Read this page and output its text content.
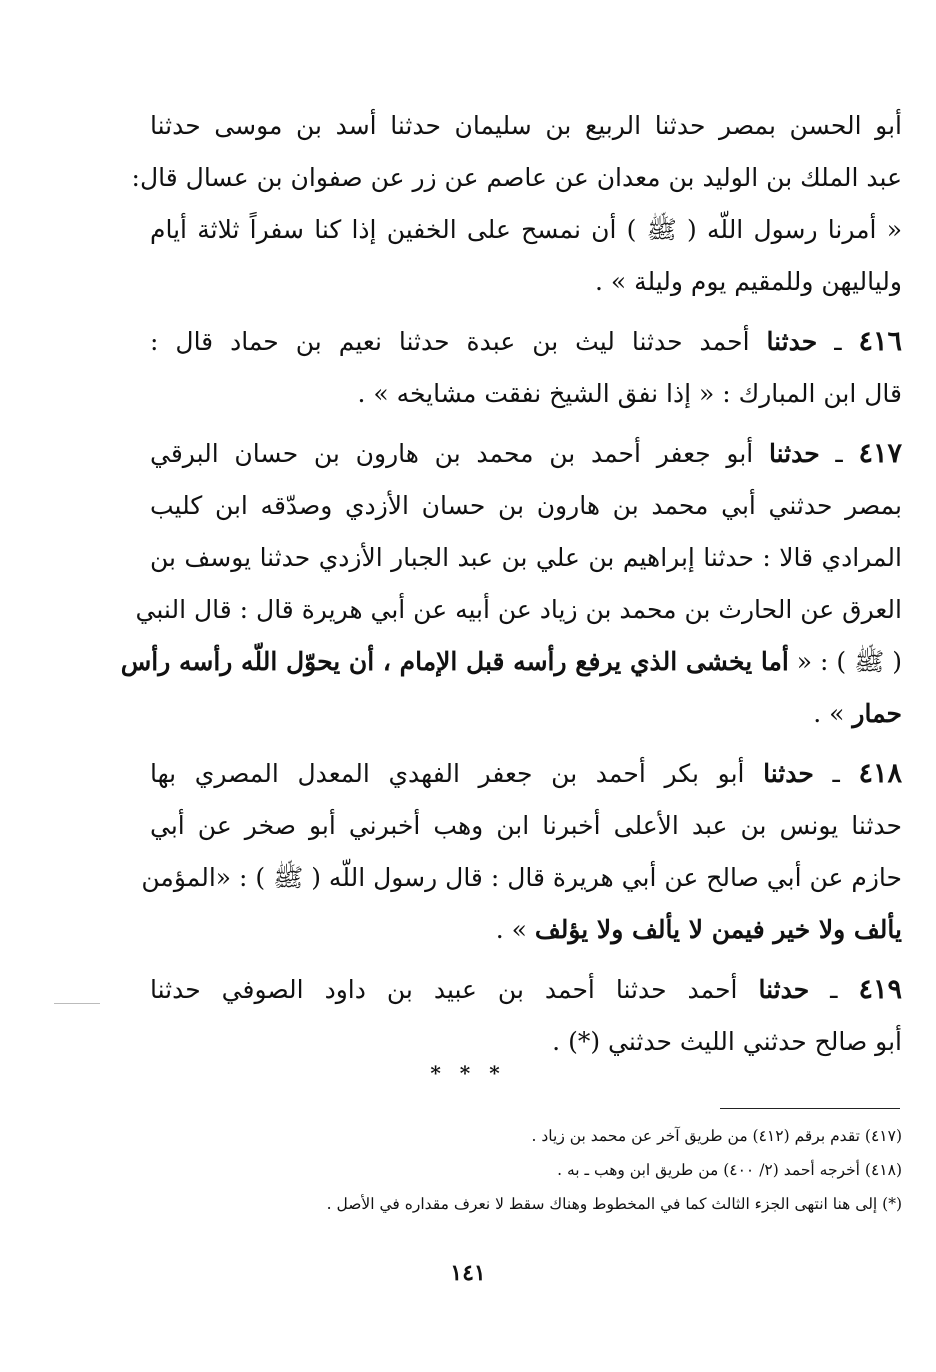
أبو الحسن بمصر حدثنا الربيع بن سليمان حدثنا أسد بن موسى حدثنا
عبد الملك بن الوليد بن معدان عن عاصم عن زر عن صفوان بن عسال قال:
« أمرنا رسول اللّه ( ﷺ ) أن نمسح على الخفين إذا كنا سفراً ثلاثة أيام
ولياليهن وللمقيم يوم وليلة » .
٤١٦ ـ حدثنا أحمد حدثنا ليث بن عبدة حدثنا نعيم بن حماد قال :
قال ابن المبارك : « إذا نفق الشيخ نفقت مشايخه » .
٤١٧ ـ حدثنا أبو جعفر أحمد بن محمد بن هارون بن حسان البرقي
بمصر حدثني أبي محمد بن هارون بن حسان الأزدي وصدّقه ابن كليب
المرادي قالا : حدثنا إبراهيم بن علي بن عبد الجبار الأزدي حدثنا يوسف بن
العرق عن الحارث بن محمد بن زياد عن أبيه عن أبي هريرة قال : قال النبي
( ﷺ ) : « أما يخشى الذي يرفع رأسه قبل الإمام ، أن يحوّل اللّه رأسه رأس
حمار » .
٤١٨ ـ حدثنا أبو بكر أحمد بن جعفر الفهدي المعدل المصري بها
حدثنا يونس بن عبد الأعلى أخبرنا ابن وهب أخبرني أبو صخر عن أبي
حازم عن أبي صالح عن أبي هريرة قال : قال رسول اللّه ( ﷺ ) : «المؤمن
يألف ولا خير فيمن لا يألف ولا يؤلف » .
٤١٩ ـ حدثنا أحمد حدثنا أحمد بن عبيد بن داود الصوفي حدثنا
أبو صالح حدثني الليث حدثني (*) .
* * *
(٤١٧) تقدم برقم (٤١٢) من طريق آخر عن محمد بن زياد .
(٤١٨) أخرجه أحمد (٢/ ٤٠٠) من طريق ابن وهب ـ به .
(*) إلى هنا انتهى الجزء الثالث كما في المخطوط وهناك سقط لا نعرف مقداره في الأصل .
١٤١
